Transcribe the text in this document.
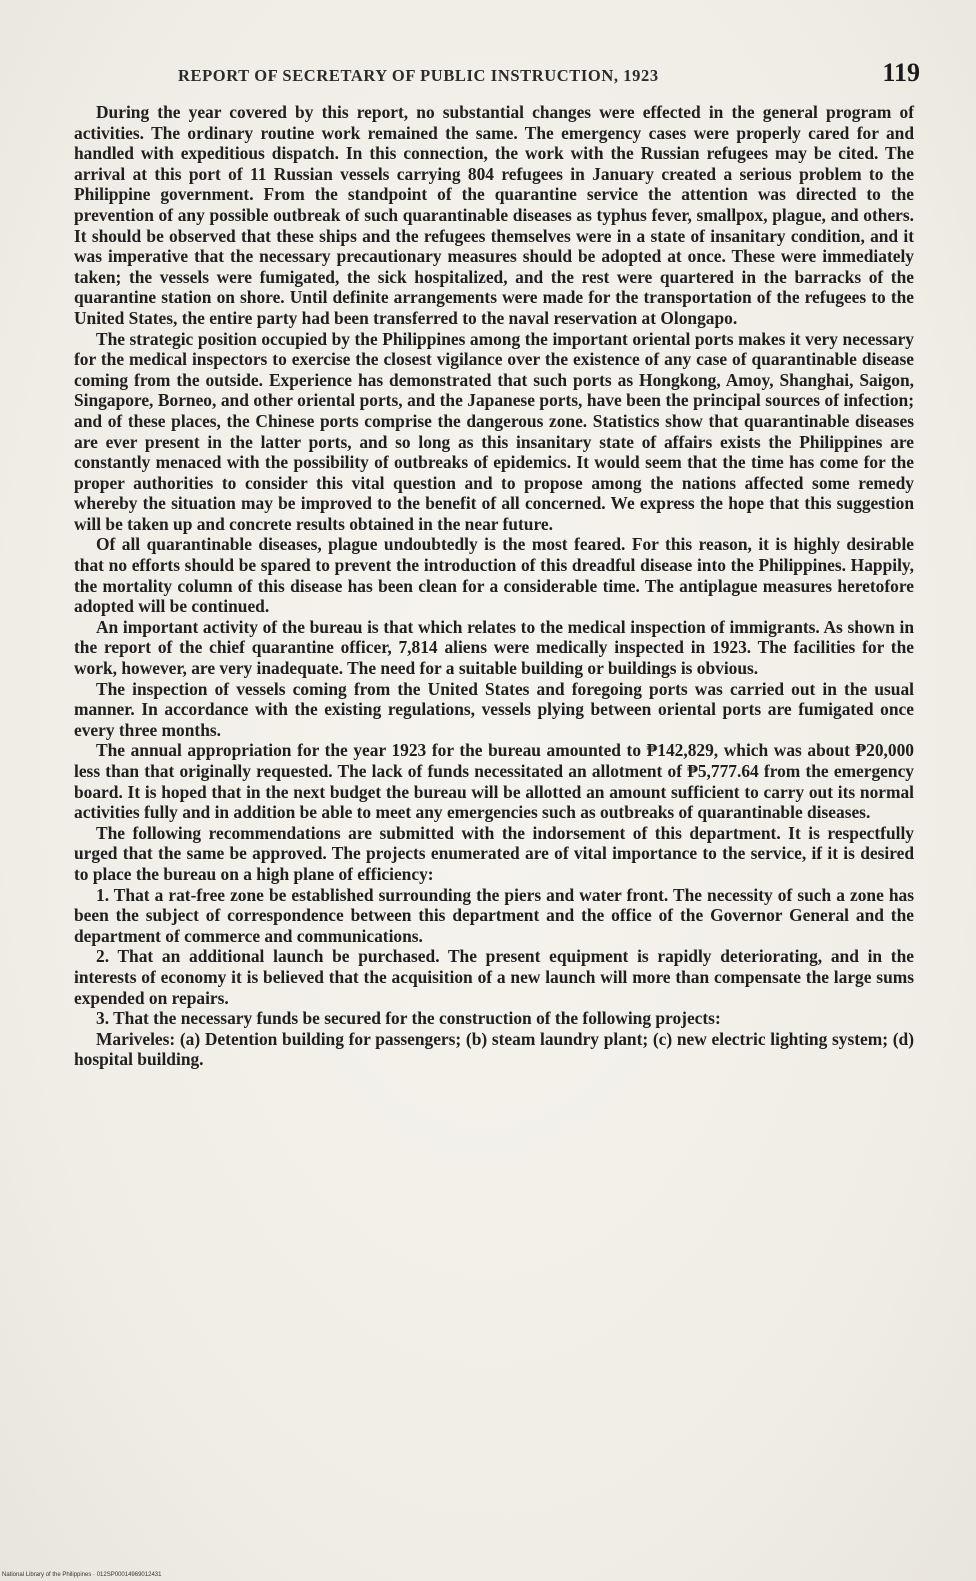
REPORT OF SECRETARY OF PUBLIC INSTRUCTION, 1923	119

During the year covered by this report, no substantial changes were effected in the general program of activities. The ordinary routine work remained the same. The emergency cases were properly cared for and handled with expeditious dispatch. In this connection, the work with the Russian refugees may be cited. The arrival at this port of 11 Russian vessels carrying 804 refugees in January created a serious problem to the Philippine government. From the standpoint of the quarantine service the attention was directed to the prevention of any possible outbreak of such quarantinable diseases as typhus fever, smallpox, plague, and others. It should be observed that these ships and the refugees themselves were in a state of insanitary condition, and it was imperative that the necessary precautionary measures should be adopted at once. These were immediately taken; the vessels were fumigated, the sick hospitalized, and the rest were quartered in the barracks of the quarantine station on shore. Until definite arrangements were made for the transportation of the refugees to the United States, the entire party had been transferred to the naval reservation at Olongapo.

The strategic position occupied by the Philippines among the important oriental ports makes it very necessary for the medical inspectors to exercise the closest vigilance over the existence of any case of quarantinable disease coming from the outside. Experience has demonstrated that such ports as Hongkong, Amoy, Shanghai, Saigon, Singapore, Borneo, and other oriental ports, and the Japanese ports, have been the principal sources of infection; and of these places, the Chinese ports comprise the dangerous zone. Statistics show that quarantinable diseases are ever present in the latter ports, and so long as this insanitary state of affairs exists the Philippines are constantly menaced with the possibility of outbreaks of epidemics. It would seem that the time has come for the proper authorities to consider this vital question and to propose among the nations affected some remedy whereby the situation may be improved to the benefit of all concerned. We express the hope that this suggestion will be taken up and concrete results obtained in the near future.

Of all quarantinable diseases, plague undoubtedly is the most feared. For this reason, it is highly desirable that no efforts should be spared to prevent the introduction of this dreadful disease into the Philippines. Happily, the mortality column of this disease has been clean for a considerable time. The antiplague measures heretofore adopted will be continued.

An important activity of the bureau is that which relates to the medical inspection of immigrants. As shown in the report of the chief quarantine officer, 7,814 aliens were medically inspected in 1923. The facilities for the work, however, are very inadequate. The need for a suitable building or buildings is obvious.

The inspection of vessels coming from the United States and foregoing ports was carried out in the usual manner. In accordance with the existing regulations, vessels plying between oriental ports are fumigated once every three months.

The annual appropriation for the year 1923 for the bureau amounted to ₱142,829, which was about ₱20,000 less than that originally requested. The lack of funds necessitated an allotment of ₱5,777.64 from the emergency board. It is hoped that in the next budget the bureau will be allotted an amount sufficient to carry out its normal activities fully and in addition be able to meet any emergencies such as outbreaks of quarantinable diseases.

The following recommendations are submitted with the indorsement of this department. It is respectfully urged that the same be approved. The projects enumerated are of vital importance to the service, if it is desired to place the bureau on a high plane of efficiency:

1. That a rat-free zone be established surrounding the piers and water front. The necessity of such a zone has been the subject of correspondence between this department and the office of the Governor General and the department of commerce and communications.

2. That an additional launch be purchased. The present equipment is rapidly deteriorating, and in the interests of economy it is believed that the acquisition of a new launch will more than compensate the large sums expended on repairs.

3. That the necessary funds be secured for the construction of the following projects:

Mariveles: (a) Detention building for passengers; (b) steam laundry plant; (c) new electric lighting system; (d) hospital building.

National Library of the Philippines · 012SP00014969012431
